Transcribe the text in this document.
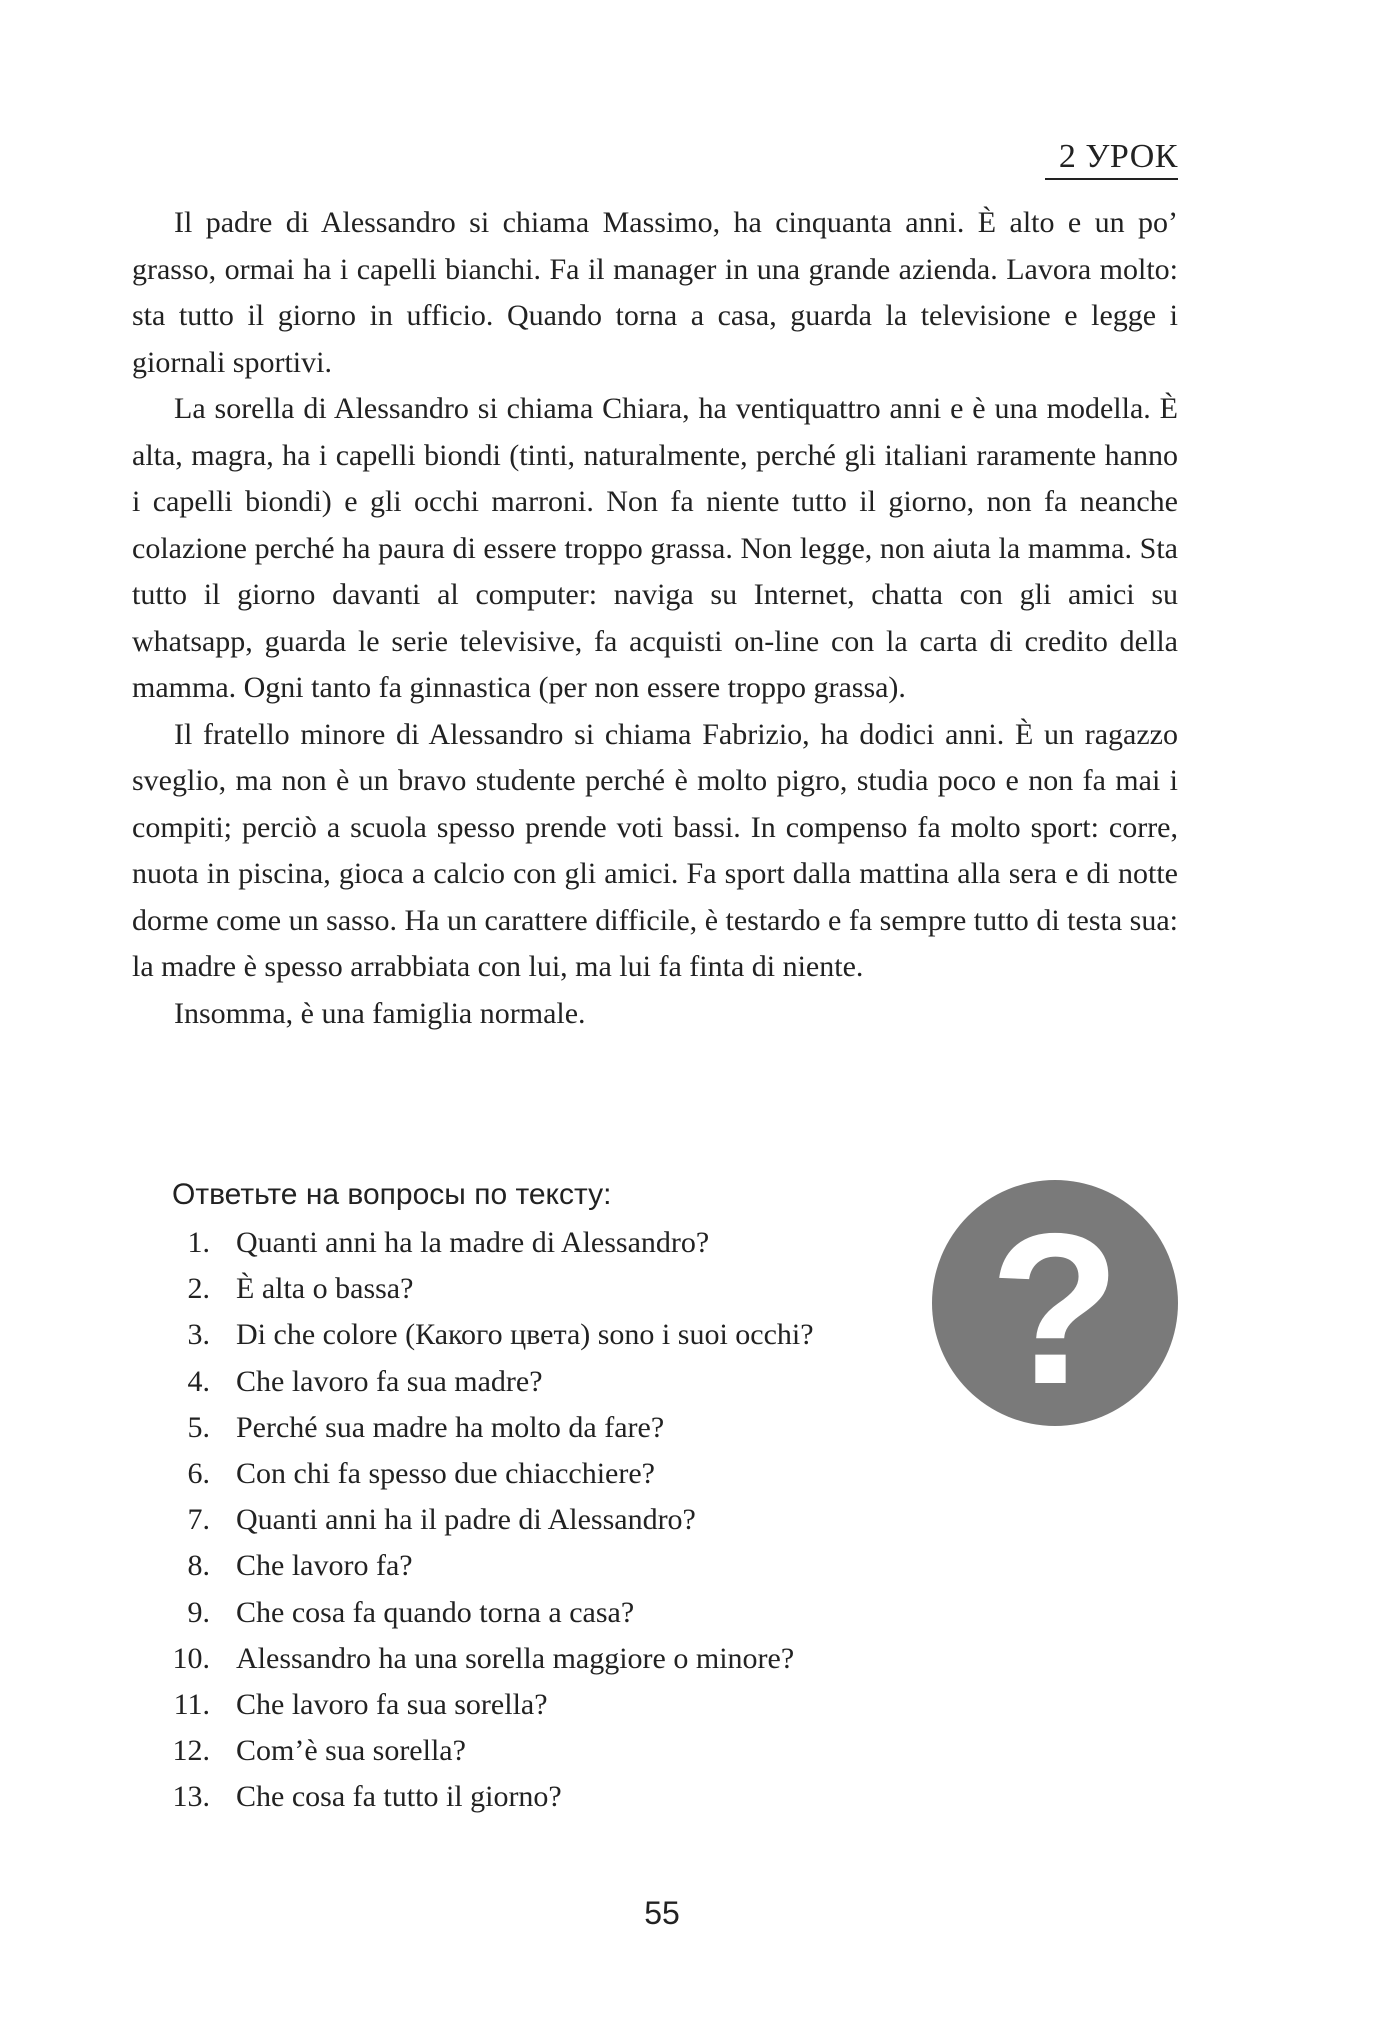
2 УРОК

Il padre di Alessandro si chiama Massimo, ha cinquanta anni. È alto e un po’ grasso, ormai ha i capelli bianchi. Fa il manager in una grande azienda. Lavora molto: sta tutto il giorno in ufficio. Quando torna a casa, guarda la televisione e legge i giornali sportivi.

La sorella di Alessandro si chiama Chiara, ha ventiquattro anni e è una modella. È alta, magra, ha i capelli biondi (tinti, naturalmente, perché gli italiani raramente hanno i capelli biondi) e gli occhi marroni. Non fa niente tutto il giorno, non fa neanche colazione perché ha paura di essere troppo grassa. Non legge, non aiuta la mamma. Sta tutto il giorno davanti al computer: naviga su Internet, chatta con gli amici su whatsapp, guarda le serie televisive, fa acquisti on-line con la carta di credito della mamma. Ogni tanto fa ginnastica (per non essere troppo grassa).

Il fratello minore di Alessandro si chiama Fabrizio, ha dodici anni. È un ragazzo sveglio, ma non è un bravo studente perché è molto pigro, studia poco e non fa mai i compiti; perciò a scuola spesso prende voti bassi. In compenso fa molto sport: corre, nuota in piscina, gioca a calcio con gli amici. Fa sport dalla mattina alla sera e di notte dorme come un sasso. Ha un carattere difficile, è testardo e fa sempre tutto di testa sua: la madre è spesso arrabbiata con lui, ma lui fa finta di niente.

Insomma, è una famiglia normale.

Ответьте на вопросы по тексту:
1. Quanti anni ha la madre di Alessandro?
2. È alta o bassa?
3. Di che colore (Какого цвета) sono i suoi occhi?
4. Che lavoro fa sua madre?
5. Perché sua madre ha molto da fare?
6. Con chi fa spesso due chiacchiere?
7. Quanti anni ha il padre di Alessandro?
8. Che lavoro fa?
9. Che cosa fa quando torna a casa?
10. Alessandro ha una sorella maggiore o minore?
11. Che lavoro fa sua sorella?
12. Com’è sua sorella?
13. Che cosa fa tutto il giorno?
?
55
